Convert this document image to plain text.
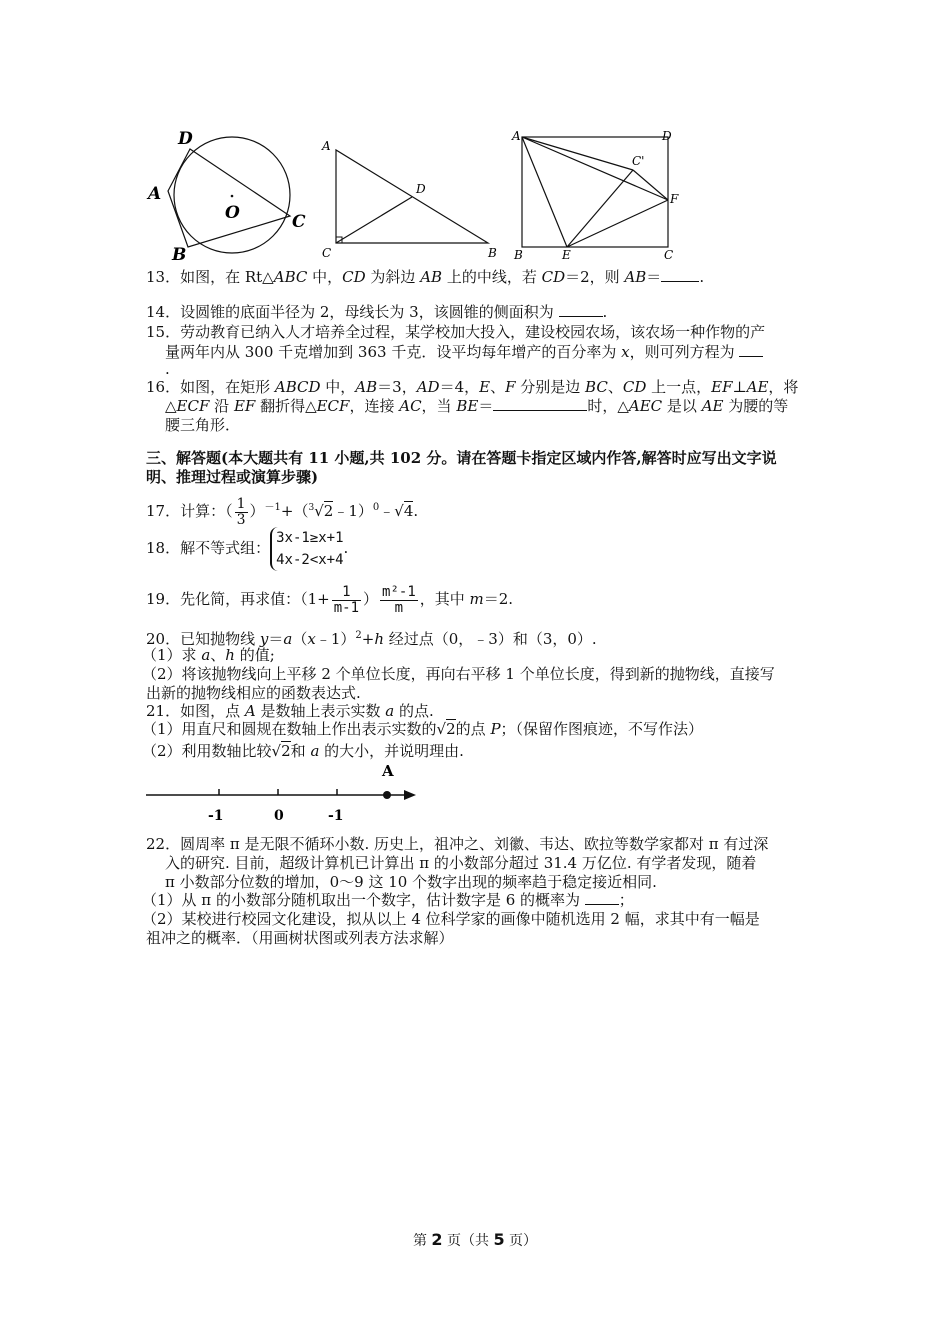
D
A
O	C
B
A
D
C	B
A	D
C'
F
B	E	C
13．如图，在 Rt△ABC 中，CD 为斜边 AB 上的中线，若 CD＝2，则 AB＝	.
14．设圆锥的底面半径为 2，母线长为 3，该圆锥的侧面积为	.
15．劳动教育已纳入人才培养全过程，某学校加大投入，建设校园农场，该农场一种作物的产
量两年内从 300 千克增加到 363 千克．设平均每年增产的百分率为 x，则可列方程为
.
16．如图，在矩形 ABCD 中，AB＝3，AD＝4，E、F 分别是边 BC、CD 上一点，EF⊥AE，将
△ECF 沿 EF 翻折得△ECF，连接 AC，当 BE＝	时，△AEC 是以 AE 为腰的等
腰三角形．
三、解答题(本大题共有 11 小题,共 102 分。请在答题卡指定区域内作答,解答时应写出文字说
明、推理过程或演算步骤)
17．计算：（ $\frac{1}{3}$ ）$^{-1}$+（$^3$√2﹣1）$^0$﹣√4.
18．解不等式组：
3x-1≥x+1
4x-2<x+4
.
19．先化简，再求值：（$1+ \frac{1}{m-1}$ ） $\frac{\text{m²-1}}{m}$ ，其中 m＝2.
20．已知抛物线 y＝a（x﹣1）$^2$+h 经过点（0，﹣3）和（3，0）.
（1）求 a、h 的值;
（2）将该抛物线向上平移 2 个单位长度，再向右平移 1 个单位长度，得到新的抛物线，直接写
出新的抛物线相应的函数表达式.
21．如图，点 A 是数轴上表示实数 a 的点.
（1）用直尺和圆规在数轴上作出表示实数的√2的点 P；（保留作图痕迹，不写作法）
（2）利用数轴比较√2和 a 的大小，并说明理由.
A
-1	0	-1
22．圆周率 π 是无限不循环小数. 历史上，祖冲之、刘徽、韦达、欧拉等数学家都对 π 有过深
入的研究. 目前，超级计算机已计算出 π 的小数部分超过 31.4 万亿位. 有学者发现，随着
π 小数部分位数的增加，0～9 这 10 个数字出现的频率趋于稳定接近相同.
（1）从 π 的小数部分随机取出一个数字，估计数字是 6 的概率为 ；
（2）某校进行校园文化建设，拟从以上 4 位科学家的画像中随机选用 2 幅，求其中有一幅是
祖冲之的概率．（用画树状图或列表方法求解）
第 2 页（共 5 页）
